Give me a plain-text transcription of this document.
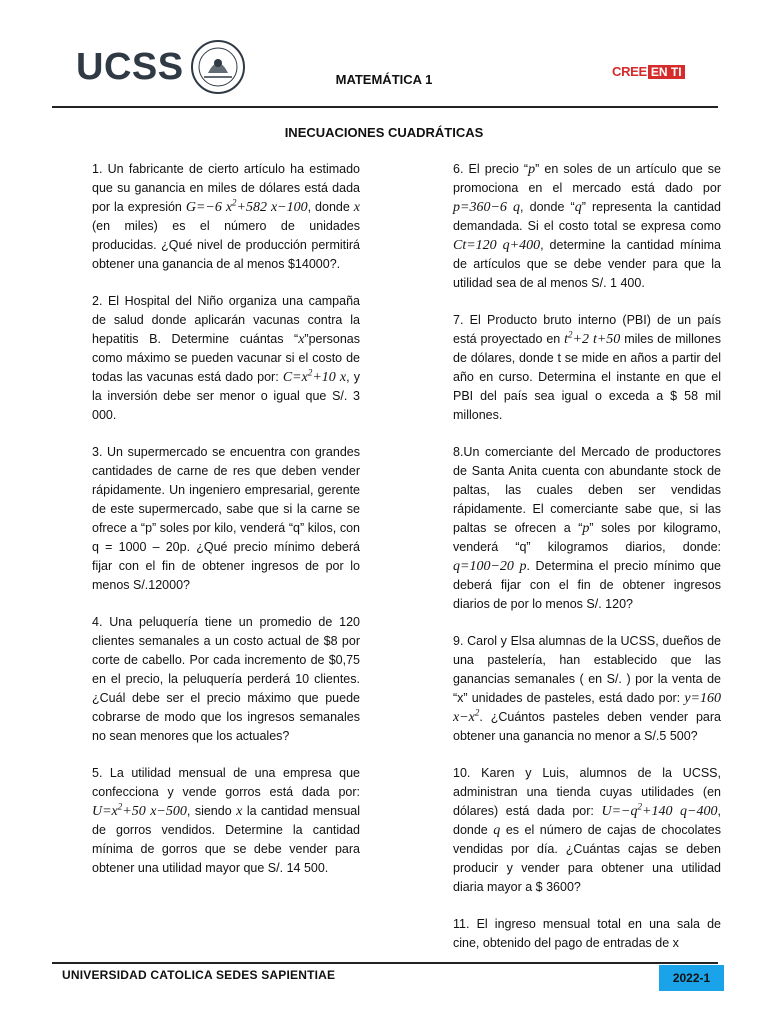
UCSS	MATEMÁTICA 1
CREE EN TI
INECUACIONES CUADRÁTICAS

1. Un fabricante de cierto artículo ha estimado que su ganancia en miles de dólares está dada por la expresión G=−6 $x^2+582$ x−100, donde x (en miles) es el número de unidades producidas. ¿Qué nivel de producción permitirá obtener una ganancia de al menos $14000?.

2. El Hospital del Niño organiza una campaña de salud donde aplicarán vacunas contra la hepatitis B. Determine cuántas “x”personas como máximo se pueden vacunar si el costo de todas las vacunas está dado por: $C=x^2+10$ x, y la inversión debe ser menor o igual que S/. 3 000.

3. Un supermercado se encuentra con grandes cantidades de carne de res que deben vender rápidamente. Un ingeniero empresarial, gerente de este supermercado, sabe que si la carne se ofrece a “p” soles por kilo, venderá “q” kilos, con q = 1000 – 20p. ¿Qué precio mínimo deberá fijar con el fin de obtener ingresos de por lo menos S/.12000?

4. Una peluquería tiene un promedio de 120 clientes semanales a un costo actual de $8 por corte de cabello. Por cada incremento de $0,75 en el precio, la peluquería perderá 10 clientes. ¿Cuál debe ser el precio máximo que puede cobrarse de modo que los ingresos semanales no sean menores que los actuales?

5. La utilidad mensual de una empresa que confecciona y vende gorros está dada por: $U=x^2+50$ x−500, siendo x la cantidad mensual de gorros vendidos. Determine la cantidad mínima de gorros que se debe vender para obtener una utilidad mayor que S/. 14 500.

6. El precio “p” en soles de un artículo que se promociona en el mercado está dado por p=360−6 q, donde “q” representa la cantidad demandada. Si el costo total se expresa como Ct=120 q+400, determine la cantidad mínima de artículos que se debe vender para que la utilidad sea de al menos S/. 1 400.

7. El Producto bruto interno (PBI) de un país está proyectado en $t^2+2$ t+50 miles de millones de dólares, donde t se mide en años a partir del año en curso. Determina el instante en que el PBI del país sea igual o exceda a $ 58 mil millones.

8.Un comerciante del Mercado de productores de Santa Anita cuenta con abundante stock de paltas, las cuales deben ser vendidas rápidamente. El comerciante sabe que, si las paltas se ofrecen a “p” soles por kilogramo, venderá “q” kilogramos diarios, donde: q=100−20 p. Determina el precio mínimo que deberá fijar con el fin de obtener ingresos diarios de por lo menos S/. 120?

9. Carol y Elsa alumnas de la UCSS, dueños de una pastelería, han establecido que las ganancias semanales ( en S/. ) por la venta de “x” unidades de pasteles, está dado por: y=160 $x-x^2$. ¿Cuántos pasteles deben vender para obtener una ganancia no menor a S/.5 500?

10. Karen y Luis, alumnos de la UCSS, administran una tienda cuyas utilidades (en dólares) está dada por: $U=-q^2+140$ q−400, donde q es el número de cajas de chocolates vendidas por día. ¿Cuántas cajas se deben producir y vender para obtener una utilidad diaria mayor a $ 3600?

11. El ingreso mensual total en una sala de cine, obtenido del pago de entradas de x

UNIVERSIDAD CATOLICA SEDES SAPIENTIAE	2022-1
